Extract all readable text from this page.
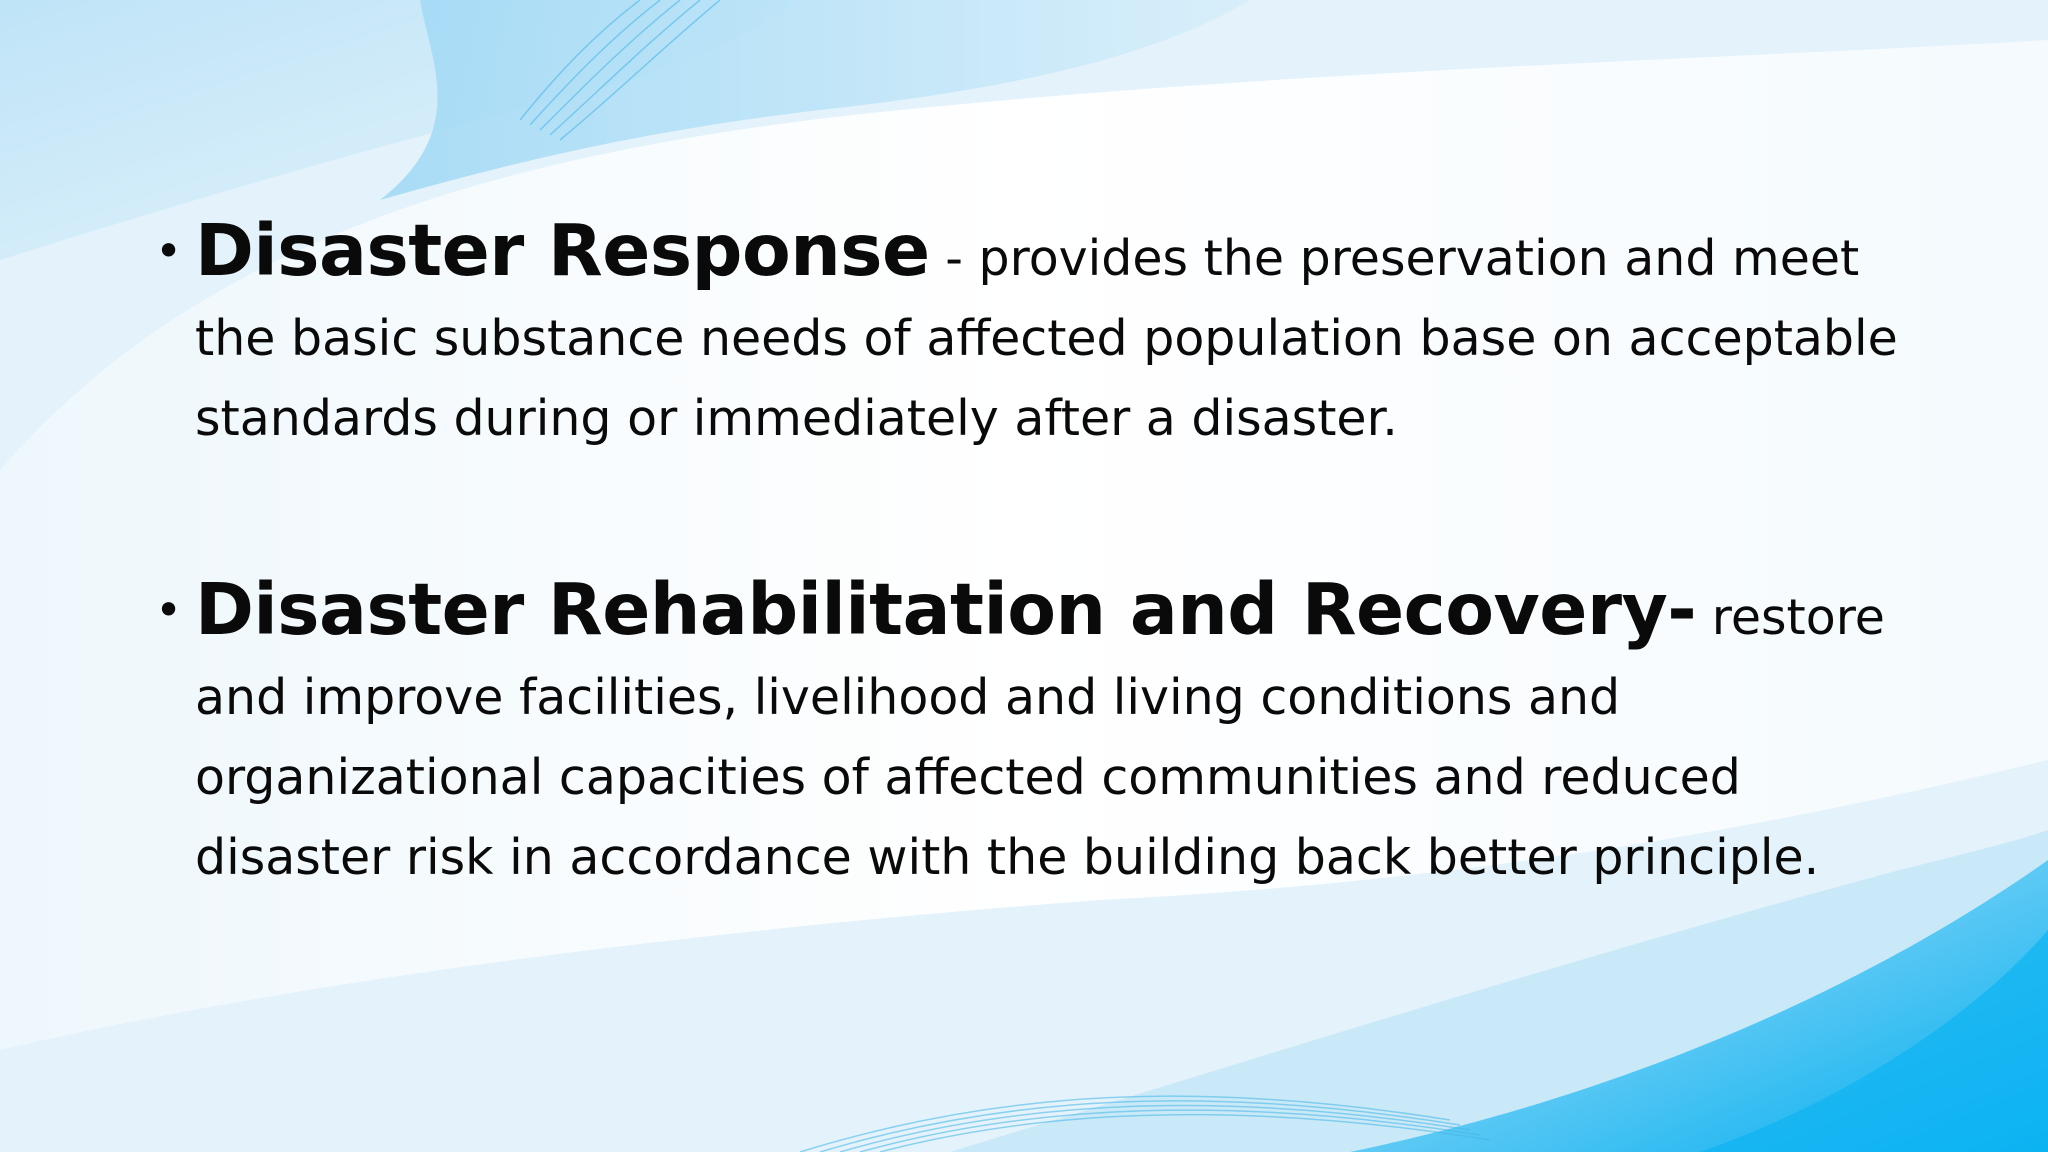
• Disaster Response - provides the preservation and meet the basic substance needs of affected population base on acceptable standards during or immediately after a disaster.

• Disaster Rehabilitation and Recovery- restore and improve facilities, livelihood and living conditions and organizational capacities of affected communities and reduced disaster risk in accordance with the building back better principle.
